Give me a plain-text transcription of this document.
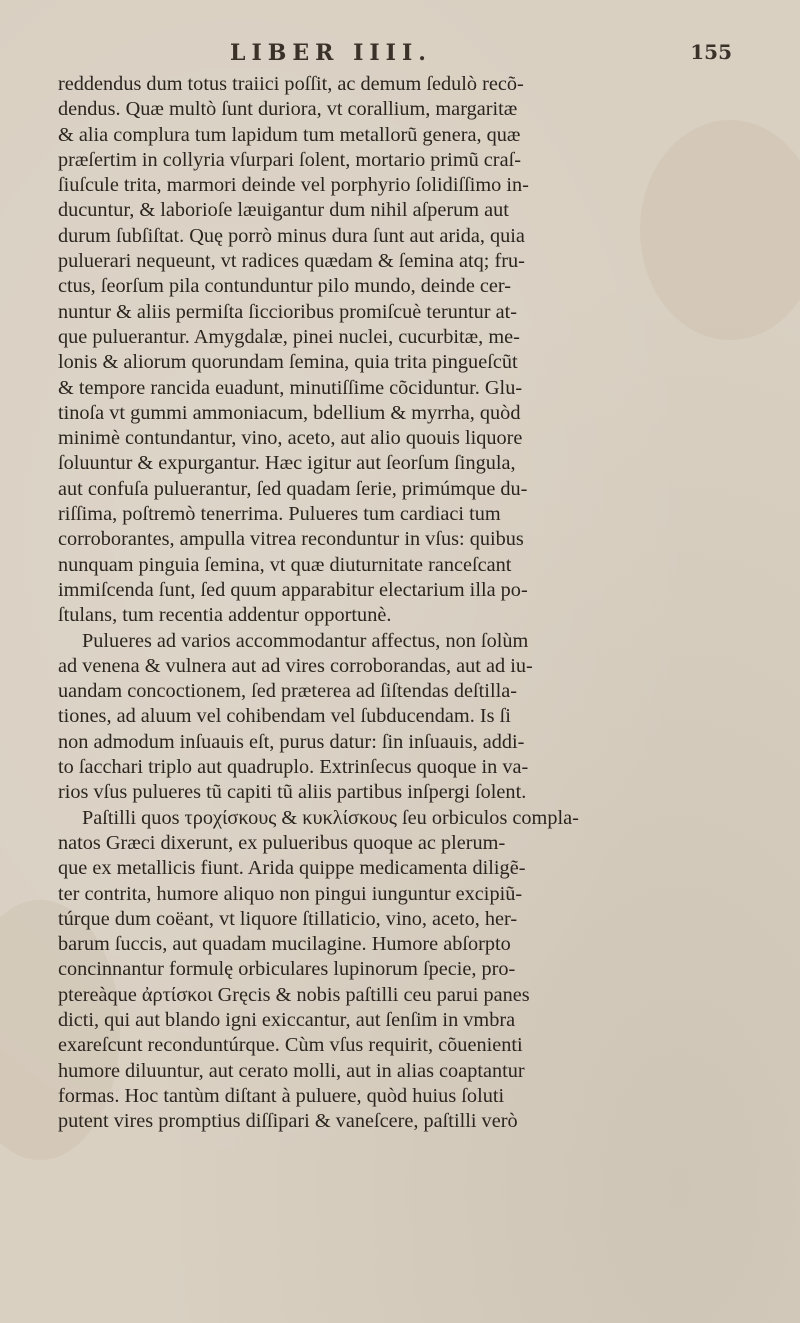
LIBER IIII.	155
reddendus dum totus traiici poſſit, ac demum ſedulò recõ-
dendus. Quæ multò ſunt duriora, vt corallium, margaritæ
& alia complura tum lapidum tum metallorũ genera, quæ
præſertim in collyria vſurpari ſolent, mortario primũ craſ-
ſiuſcule trita, marmori deinde vel porphyrio ſolidiſſimo in-
ducuntur, & laborioſe læuigantur dum nihil aſperum aut
durum ſubſiſtat. Quę porrò minus dura ſunt aut arida, quia
puluerari nequeunt, vt radices quædam & ſemina atq; fru-
ctus, ſeorſum pila contunduntur pilo mundo, deinde cer-
nuntur & aliis permiſta ſiccioribus promiſcuè teruntur at-
que puluerantur. Amygdalæ, pinei nuclei, cucurbitæ, me-
lonis & aliorum quorundam ſemina, quia trita pingueſcũt
& tempore rancida euadunt, minutiſſime cõciduntur. Glu-
tinoſa vt gummi ammoniacum, bdellium & myrrha, quòd
minimè contundantur, vino, aceto, aut alio quouis liquore
ſoluuntur & expurgantur. Hæc igitur aut ſeorſum ſingula,
aut confuſa puluerantur, ſed quadam ſerie, primúmque du-
riſſima, poſtremò tenerrima. Pulueres tum cardiaci tum
corroborantes, ampulla vitrea reconduntur in vſus: quibus
nunquam pinguia ſemina, vt quæ diuturnitate ranceſcant
immiſcenda ſunt, ſed quum apparabitur electarium illa po-
ſtulans, tum recentia addentur opportunè.
Pulueres ad varios accommodantur affectus, non ſolùm
ad venena & vulnera aut ad vires corroborandas, aut ad iu-
uandam concoctionem, ſed præterea ad ſiſtendas deſtilla-
tiones, ad aluum vel cohibendam vel ſubducendam. Is ſi
non admodum inſuauis eſt, purus datur: ſin inſuauis, addi-
to ſacchari triplo aut quadruplo. Extrinſecus quoque in va-
rios vſus pulueres tũ capiti tũ aliis partibus inſpergi ſolent.
Paſtilli quos τροχίσκους & κυκλίσκους ſeu orbiculos compla-
natos Græci dixerunt, ex pulueribus quoque ac plerum-
que ex metallicis fiunt. Arida quippe medicamenta diligẽ-
ter contrita, humore aliquo non pingui iunguntur excipiũ-
túrque dum coëant, vt liquore ſtillaticio, vino, aceto, her-
barum ſuccis, aut quadam mucilagine. Humore abſorpto
concinnantur formulę orbiculares lupinorum ſpecie, pro-
ptereàque ἀρτίσκοι Gręcis & nobis paſtilli ceu parui panes
dicti, qui aut blando igni exiccantur, aut ſenſim in vmbra
exareſcunt reconduntúrque. Cùm vſus requirit, cõuenienti
humore diluuntur, aut cerato molli, aut in alias coaptantur
formas. Hoc tantùm diſtant à puluere, quòd huius ſoluti
putent vires promptius diſſipari & vaneſcere, paſtilli verò
